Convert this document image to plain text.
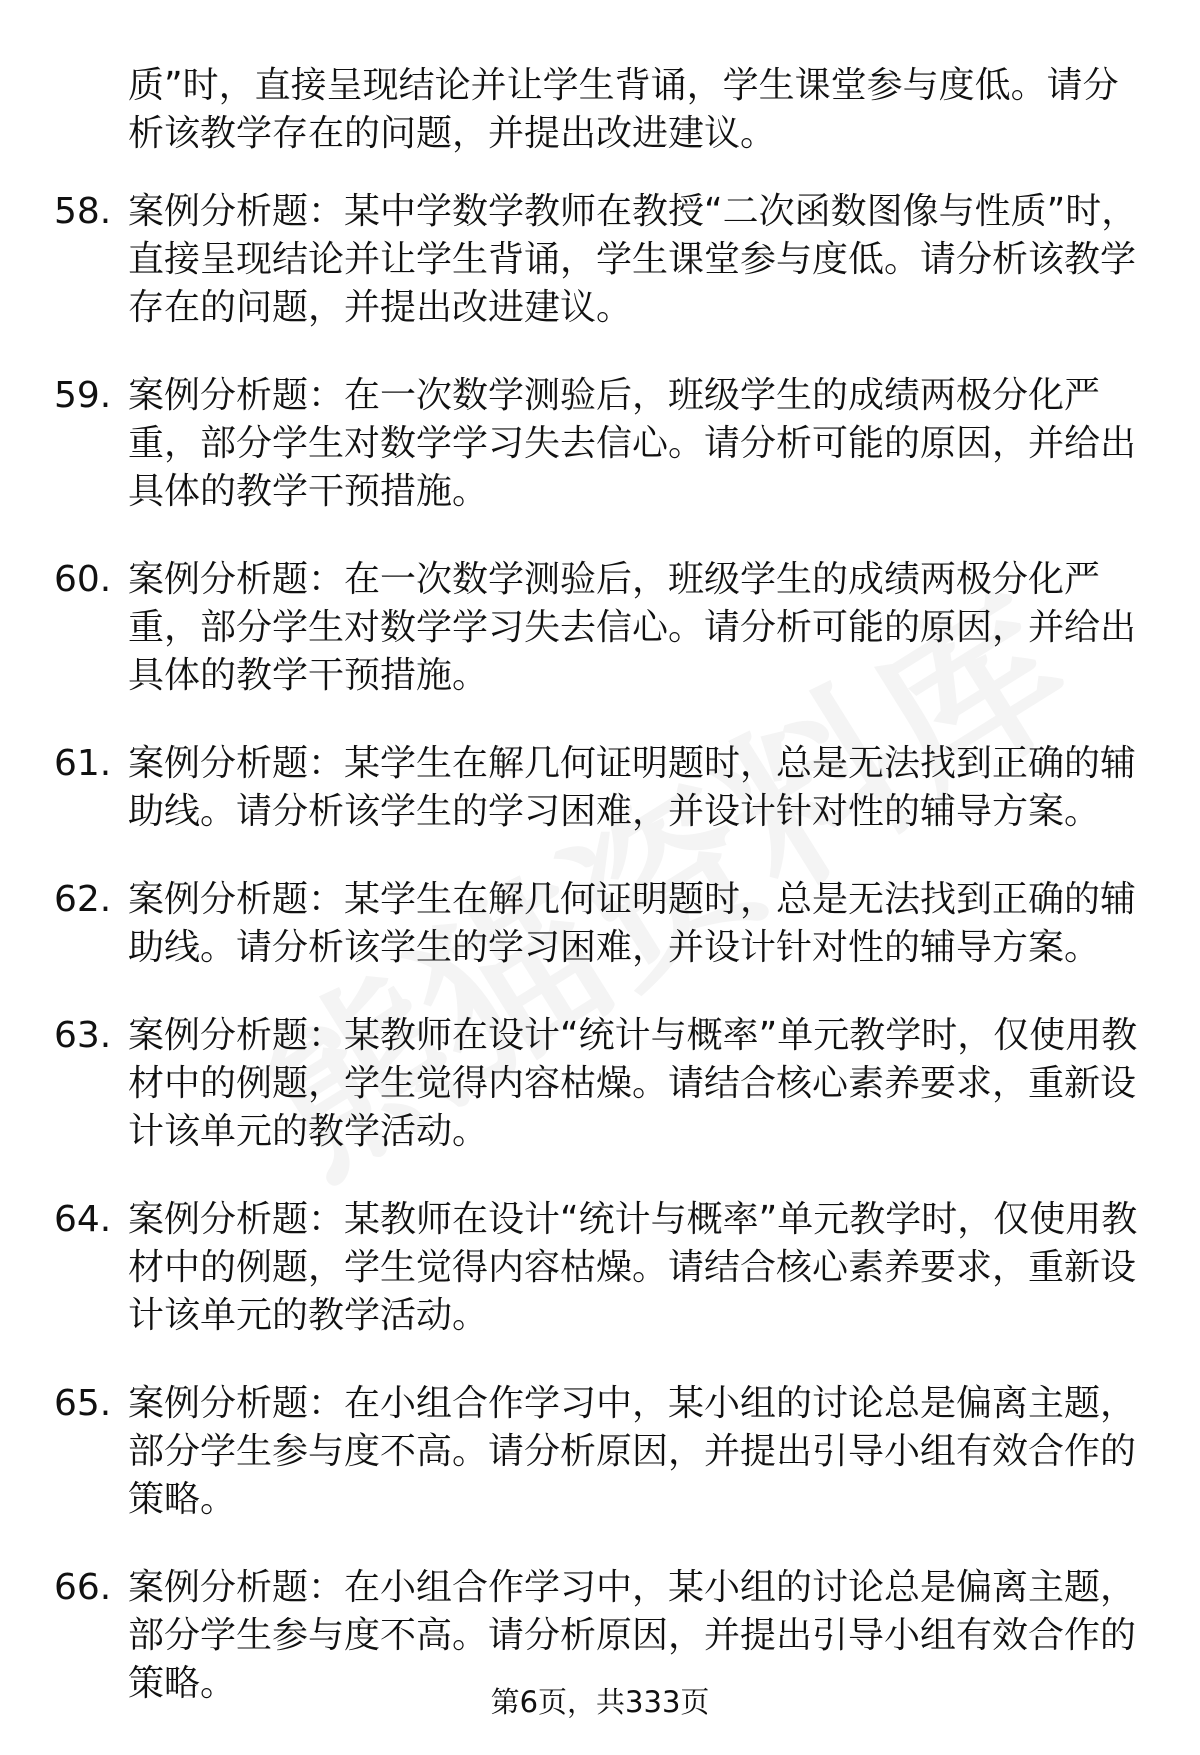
质”时，直接呈现结论并让学生背诵，学生课堂参与度低。请分析该教学存在的问题，并提出改进建议。
58. 案例分析题：某中学数学教师在教授“二次函数图像与性质”时，直接呈现结论并让学生背诵，学生课堂参与度低。请分析该教学存在的问题，并提出改进建议。
59. 案例分析题：在一次数学测验后，班级学生的成绩两极分化严重，部分学生对数学学习失去信心。请分析可能的原因，并给出具体的教学干预措施。
60. 案例分析题：在一次数学测验后，班级学生的成绩两极分化严重，部分学生对数学学习失去信心。请分析可能的原因，并给出具体的教学干预措施。
61. 案例分析题：某学生在解几何证明题时，总是无法找到正确的辅助线。请分析该学生的学习困难，并设计针对性的辅导方案。
62. 案例分析题：某学生在解几何证明题时，总是无法找到正确的辅助线。请分析该学生的学习困难，并设计针对性的辅导方案。
63. 案例分析题：某教师在设计“统计与概率”单元教学时，仅使用教材中的例题，学生觉得内容枯燥。请结合核心素养要求，重新设计该单元的教学活动。
64. 案例分析题：某教师在设计“统计与概率”单元教学时，仅使用教材中的例题，学生觉得内容枯燥。请结合核心素养要求，重新设计该单元的教学活动。
65. 案例分析题：在小组合作学习中，某小组的讨论总是偏离主题，部分学生参与度不高。请分析原因，并提出引导小组有效合作的策略。
66. 案例分析题：在小组合作学习中，某小组的讨论总是偏离主题，部分学生参与度不高。请分析原因，并提出引导小组有效合作的策略。	第6页，共333页
